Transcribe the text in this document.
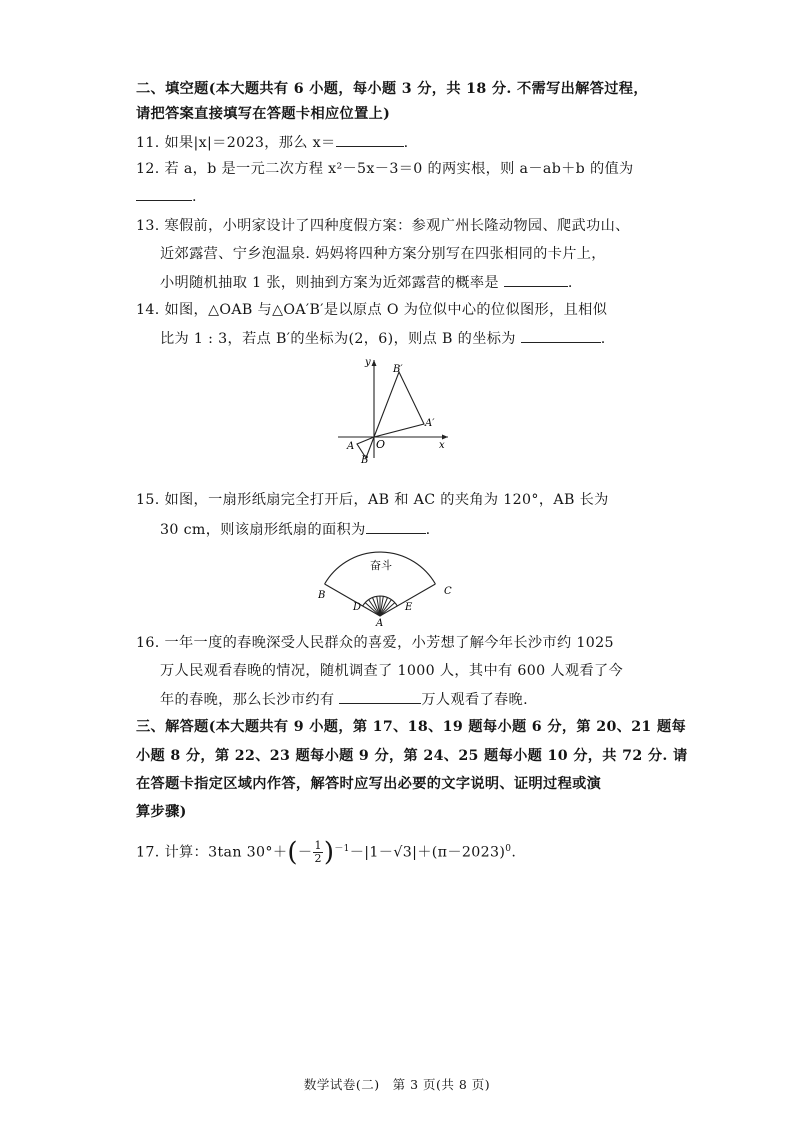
二、填空题(本大题共有 6 小题，每小题 3 分，共 18 分. 不需写出解答过程，
请把答案直接填写在答题卡相应位置上)
11. 如果|x|＝2023，那么 x＝	.
12. 若 a，b 是一元二次方程 x²－5x－3＝0 的两实根，则 a－ab＋b 的值为
.
13. 寒假前，小明家设计了四种度假方案：参观广州长隆动物园、爬武功山、
近郊露营、宁乡泡温泉. 妈妈将四种方案分别写在四张相同的卡片上，
小明随机抽取 1 张，则抽到方案为近郊露营的概率是	.
14. 如图，△OAB 与△OA′B′是以原点 O 为位似中心的位似图形，且相似
比为 1 : 3，若点 B′的坐标为(2，6)，则点 B 的坐标为	.
y
x
O
B′
A′
A
B
15. 如图，一扇形纸扇完全打开后，AB 和 AC 的夹角为 120°，AB 长为
30 cm，则该扇形纸扇的面积为	.
奋斗
B	C
D	E
A
16. 一年一度的春晚深受人民群众的喜爱，小芳想了解今年长沙市约 1025
万人民观看春晚的情况，随机调查了 1000 人，其中有 600 人观看了今
年的春晚，那么长沙市约有	万人观看了春晚.
三、解答题(本大题共有 9 小题，第 17、18、19 题每小题 6 分，第 20、21 题每
小题 8 分，第 22、23 题每小题 9 分，第 24、25 题每小题 10 分，共 72 分. 请
在答题卡指定区域内作答，解答时应写出必要的文字说明、证明过程或演
算步骤)
17. 计算：3tan $30^\circ+(- \frac{1}{2} )^{-1}-|1-√3|+(\pi-2023)^0$.
数学试卷(二)　第 3 页(共 8 页)
